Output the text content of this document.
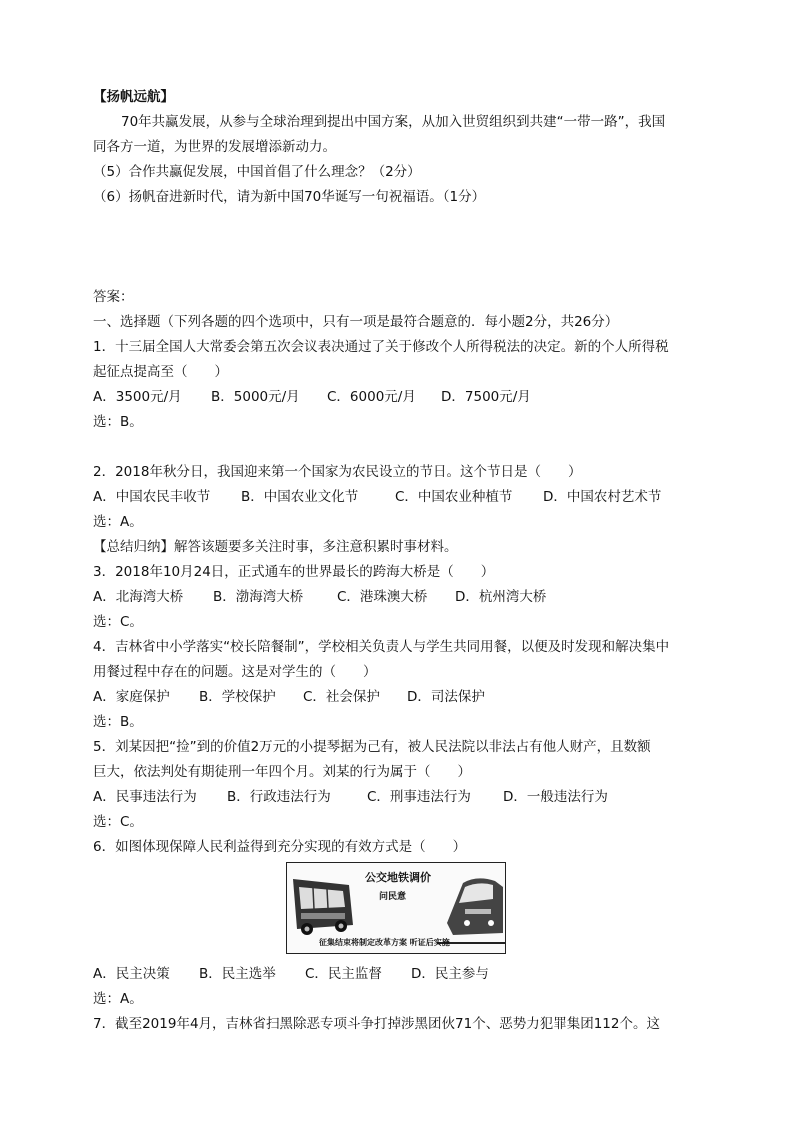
【扬帆远航】
70年共赢发展，从参与全球治理到提出中国方案，从加入世贸组织到共建“一带一路”，我国
同各方一道，为世界的发展增添新动力。
（5）合作共赢促发展，中国首倡了什么理念？（2分）
（6）扬帆奋进新时代，请为新中国70华诞写一句祝福语。（1分）
答案：
一、选择题（下列各题的四个选项中，只有一项是最符合题意的．每小题2分，共26分）
1．十三届全国人大常委会第五次会议表决通过了关于修改个人所得税法的决定。新的个人所得税
起征点提高至（　　）
A．3500元/月 B．5000元/月 C．6000元/月 D．7500元/月
选：B。
2．2018年秋分日，我国迎来第一个国家为农民设立的节日。这个节日是（　　）
A．中国农民丰收节 B．中国农业文化节	C．中国农业种植节 D．中国农村艺术节
选：A。
【总结归纳】解答该题要多关注时事，多注意积累时事材料。
3．2018年10月24日，正式通车的世界最长的跨海大桥是（　　）
A．北海湾大桥 B．渤海湾大桥 C．港珠澳大桥 D．杭州湾大桥
选：C。
4．吉林省中小学落实“校长陪餐制”，学校相关负责人与学生共同用餐，以便及时发现和解决集中
用餐过程中存在的问题。这是对学生的（　　）
A．家庭保护 B．学校保护 C．社会保护 D．司法保护
选：B。
5．刘某因把“捡”到的价值2万元的小提琴据为己有，被人民法院以非法占有他人财产，且数额
巨大，依法判处有期徒刑一年四个月。刘某的行为属于（　　）
A．民事违法行为 B．行政违法行为	C．刑事违法行为 D．一般违法行为
选：C。
6．如图体现保障人民利益得到充分实现的有效方式是（　　）
公交地铁调价
问民意
征集结束将制定改革方案 听证后实施
A．民主决策 B．民主选举 C．民主监督 D．民主参与
选：A。
7．截至2019年4月，吉林省扫黑除恶专项斗争打掉涉黑团伙71个、恶势力犯罪集团112个。这
